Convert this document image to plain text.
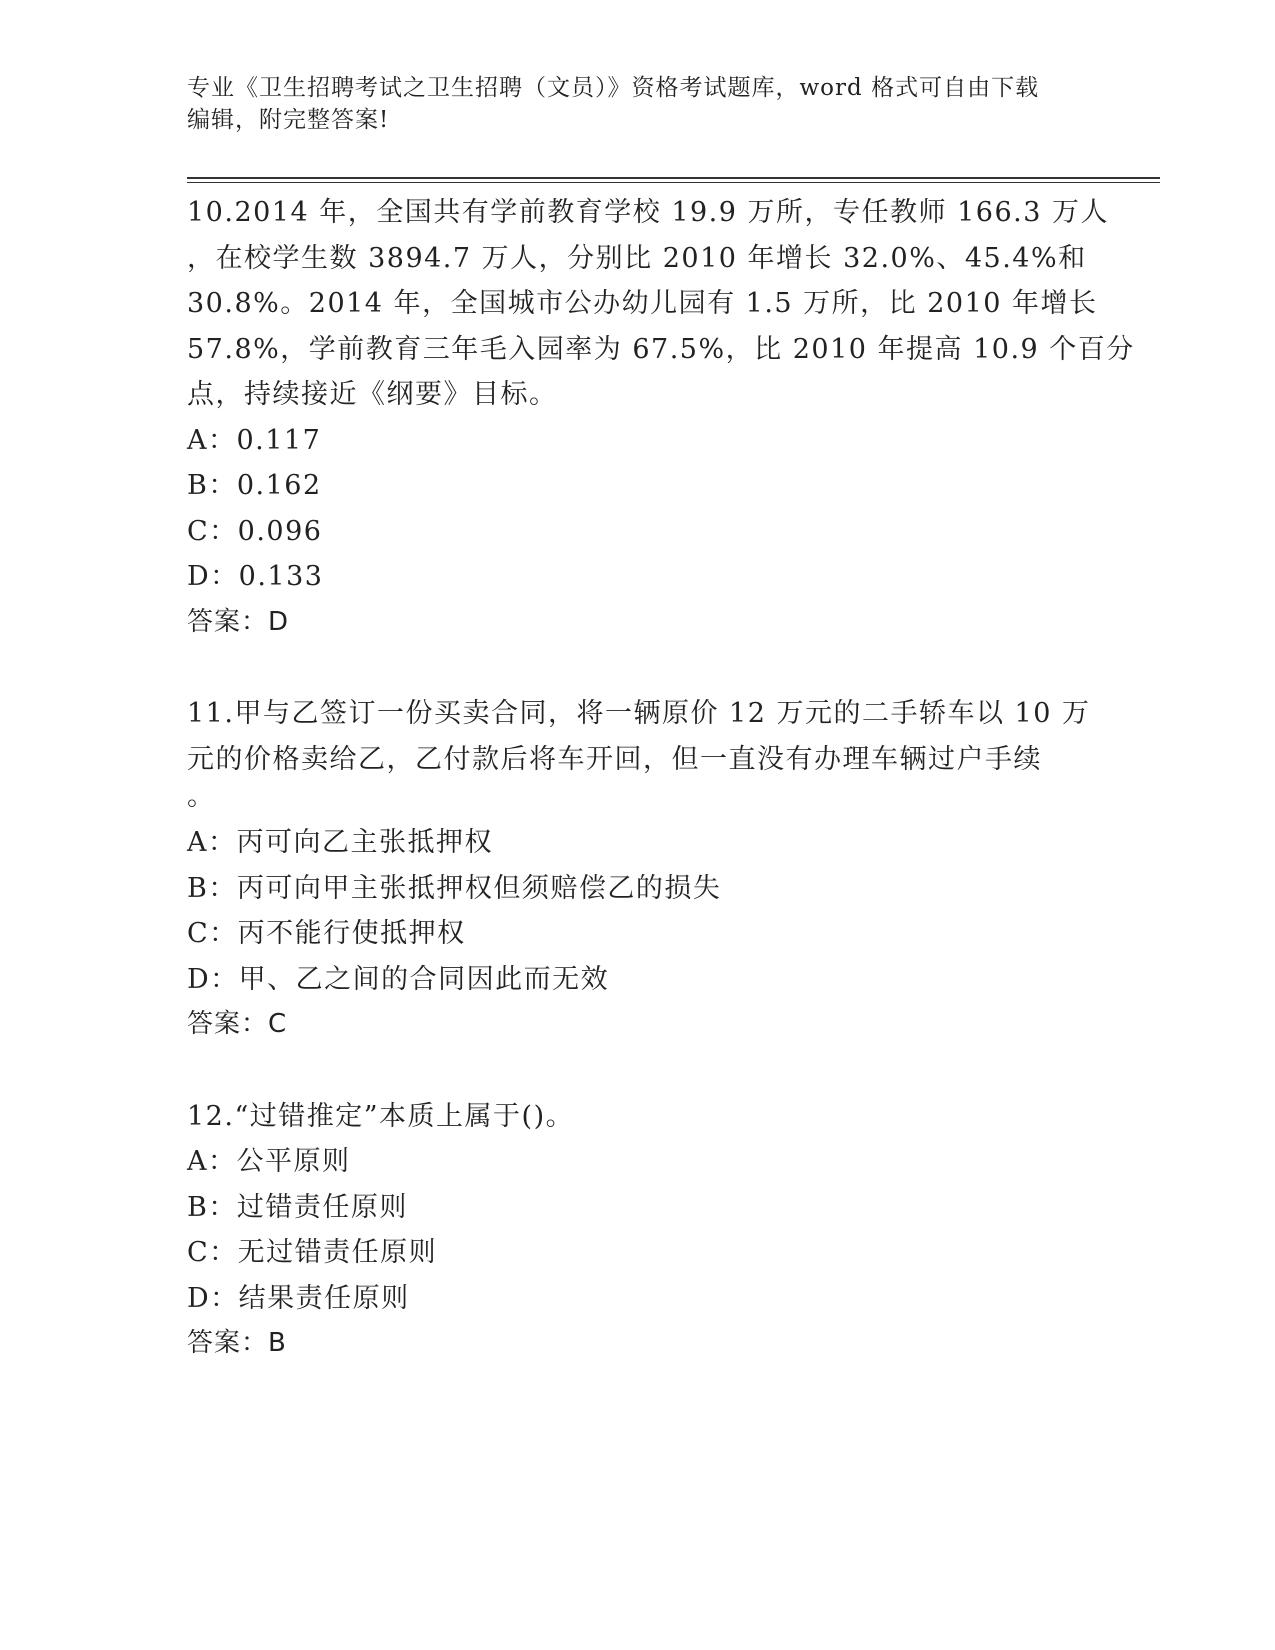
专业《卫生招聘考试之卫生招聘（文员）》资格考试题库，word 格式可自由下载
编辑，附完整答案!
10.2014 年，全国共有学前教育学校 19.9 万所，专任教师 166.3 万人
，在校学生数 3894.7 万人，分别比 2010 年增长 32.0%、45.4%和
30.8%。2014 年，全国城市公办幼儿园有 1.5 万所，比 2010 年增长
57.8%，学前教育三年毛入园率为 67.5%，比 2010 年提高 10.9 个百分
点，持续接近《纲要》目标。
A：0.117
B：0.162
C：0.096
D：0.133
答案：D
11.甲与乙签订一份买卖合同，将一辆原价 12 万元的二手轿车以 10 万
元的价格卖给乙，乙付款后将车开回，但一直没有办理车辆过户手续
。
A：丙可向乙主张抵押权
B：丙可向甲主张抵押权但须赔偿乙的损失
C：丙不能行使抵押权
D：甲、乙之间的合同因此而无效
答案：C
12.“过错推定”本质上属于()。
A：公平原则
B：过错责任原则
C：无过错责任原则
D：结果责任原则
答案：B
